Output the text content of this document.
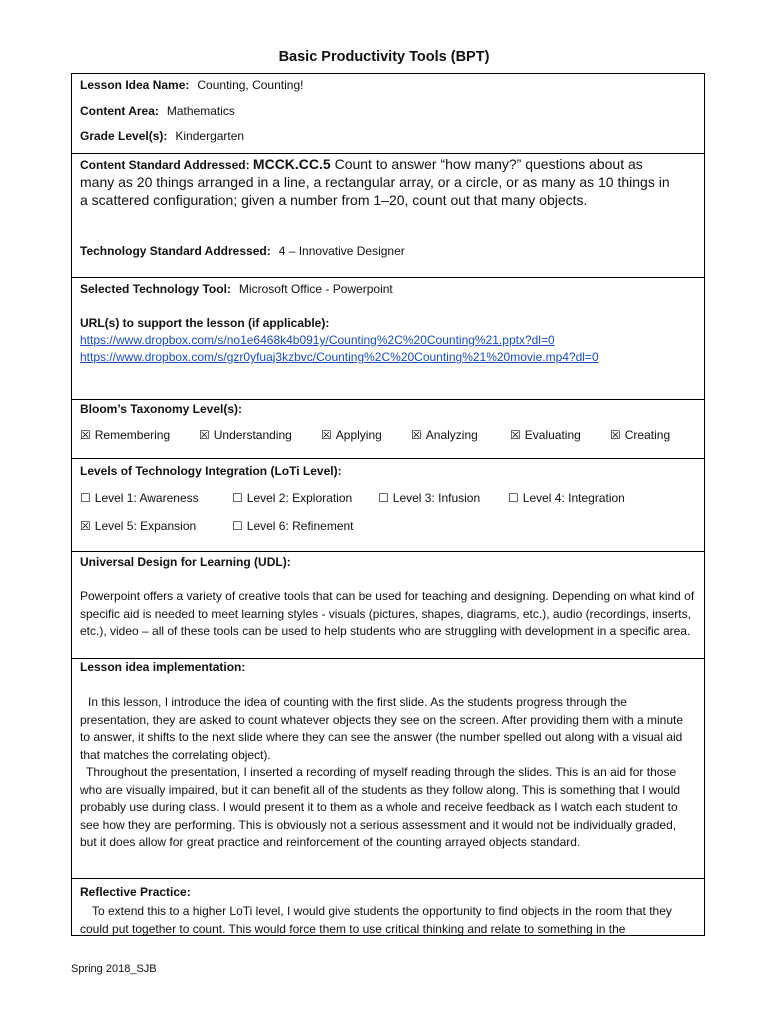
Basic Productivity Tools (BPT)
Lesson Idea Name: Counting, Counting!
Content Area: Mathematics
Grade Level(s): Kindergarten
Content Standard Addressed: MCCK.CC.5 Count to answer “how many?” questions about as
many as 20 things arranged in a line, a rectangular array, or a circle, or as many as 10 things in
a scattered configuration; given a number from 1–20, count out that many objects.
Technology Standard Addressed: 4 – Innovative Designer
Selected Technology Tool: Microsoft Office - Powerpoint
URL(s) to support the lesson (if applicable):
https://www.dropbox.com/s/no1e6468k4b091y/Counting%2C%20Counting%21.pptx?dl=0
https://www.dropbox.com/s/gzr0yfuaj3kzbvc/Counting%2C%20Counting%21%20movie.mp4?dl=0
Bloom’s Taxonomy Level(s):
☒ Remembering ☒ Understanding ☒ Applying ☒ Analyzing	☒ Evaluating ☒ Creating
Levels of Technology Integration (LoTi Level):
☐ Level 1: Awareness	☐ Level 2: Exploration ☐ Level 3: Infusion ☐ Level 4: Integration
☒ Level 5: Expansion	☐ Level 6: Refinement
Universal Design for Learning (UDL):
Powerpoint offers a variety of creative tools that can be used for teaching and designing. Depending on what kind of specific aid is needed to meet learning styles - visuals (pictures, shapes, diagrams, etc.), audio (recordings, inserts, etc.), video – all of these tools can be used to help students who are struggling with development in a specific area.
Lesson idea implementation:
In this lesson, I introduce the idea of counting with the first slide. As the students progress through the presentation, they are asked to count whatever objects they see on the screen. After providing them with a minute to answer, it shifts to the next slide where they can see the answer (the number spelled out along with a visual aid that matches the correlating object).
Throughout the presentation, I inserted a recording of myself reading through the slides. This is an aid for those who are visually impaired, but it can benefit all of the students as they follow along. This is something that I would probably use during class. I would present it to them as a whole and receive feedback as I watch each student to see how they are performing. This is obviously not a serious assessment and it would not be individually graded, but it does allow for great practice and reinforcement of the counting arrayed objects standard.
Reflective Practice:
To extend this to a higher LoTi level, I would give students the opportunity to find objects in the room that they could put together to count. This would force them to use critical thinking and relate to something in the
Spring 2018_SJB
